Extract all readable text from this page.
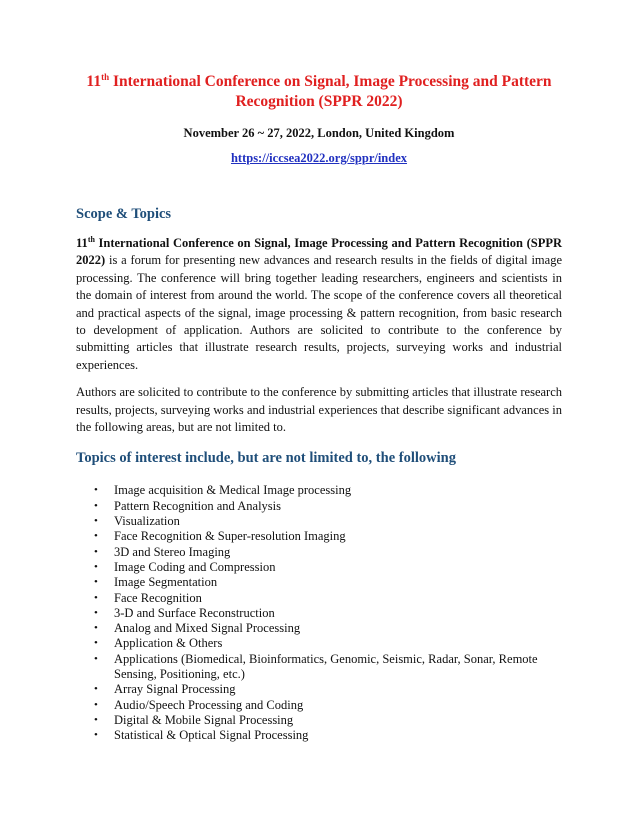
11th International Conference on Signal, Image Processing and Pattern
Recognition (SPPR 2022)
November 26 ~ 27, 2022, London, United Kingdom
https://iccsea2022.org/sppr/index
Scope & Topics

11th International Conference on Signal, Image Processing and Pattern Recognition (SPPR 2022) is a forum for presenting new advances and research results in the fields of digital image processing. The conference will bring together leading researchers, engineers and scientists in the domain of interest from around the world. The scope of the conference covers all theoretical and practical aspects of the signal, image processing & pattern recognition, from basic research to development of application. Authors are solicited to contribute to the conference by submitting articles that illustrate research results, projects, surveying works and industrial experiences.

Authors are solicited to contribute to the conference by submitting articles that illustrate research results, projects, surveying works and industrial experiences that describe significant advances in the following areas, but are not limited to.

Topics of interest include, but are not limited to, the following
• Image acquisition & Medical Image processing
• Pattern Recognition and Analysis
• Visualization
• Face Recognition & Super-resolution Imaging
• 3D and Stereo Imaging
• Image Coding and Compression
• Image Segmentation
• Face Recognition
• 3-D and Surface Reconstruction
• Analog and Mixed Signal Processing
• Application & Others
• Applications (Biomedical, Bioinformatics, Genomic, Seismic, Radar, Sonar, Remote Sensing, Positioning, etc.)
• Array Signal Processing
• Audio/Speech Processing and Coding
• Digital & Mobile Signal Processing
• Statistical & Optical Signal Processing
